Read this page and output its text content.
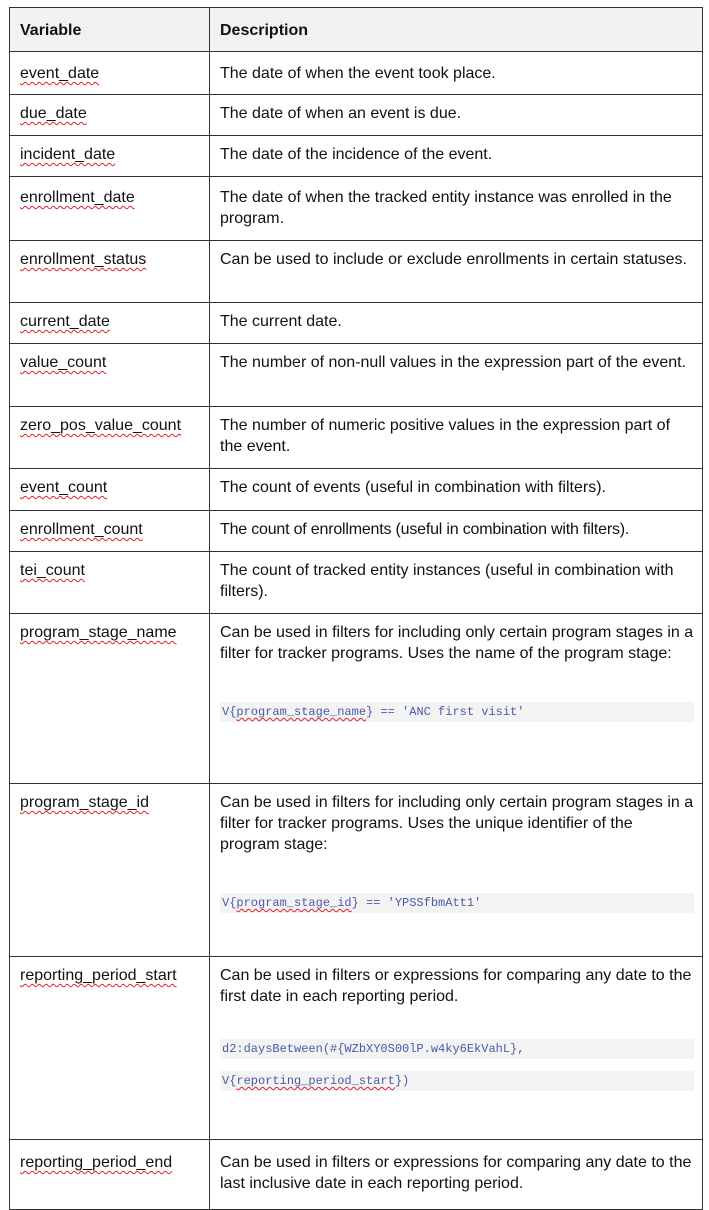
Variable	Description

event_date	The date of when the event took place.

due_date	The date of when an event is due.

incident_date	The date of the incidence of the event.

enrollment_date	The date of when the tracked entity instance was enrolled in the program.

enrollment_status	Can be used to include or exclude enrollments in certain statuses.

current_date	The current date.

value_count	The number of non-null values in the expression part of the event.

zero_pos_value_count	The number of numeric positive values in the expression part of the event.

event_count	The count of events (useful in combination with filters).

enrollment_count	The count of enrollments (useful in combination with filters).

tei_count	The count of tracked entity instances (useful in combination with filters).

program_stage_name	Can be used in filters for including only certain program stages in a filter for tracker programs. Uses the name of the program stage:
V{program_stage_name} == 'ANC first visit'

program_stage_id	Can be used in filters for including only certain program stages in a filter for tracker programs. Uses the unique identifier of the program stage:
V{program_stage_id} == 'YPSSfbmAtt1'

reporting_period_start	Can be used in filters or expressions for comparing any date to the first date in each reporting period.
d2:daysBetween(#{WZbXY0S00lP.w4ky6EkVahL},
V{reporting_period_start})

reporting_period_end	Can be used in filters or expressions for comparing any date to the last inclusive date in each reporting period.
